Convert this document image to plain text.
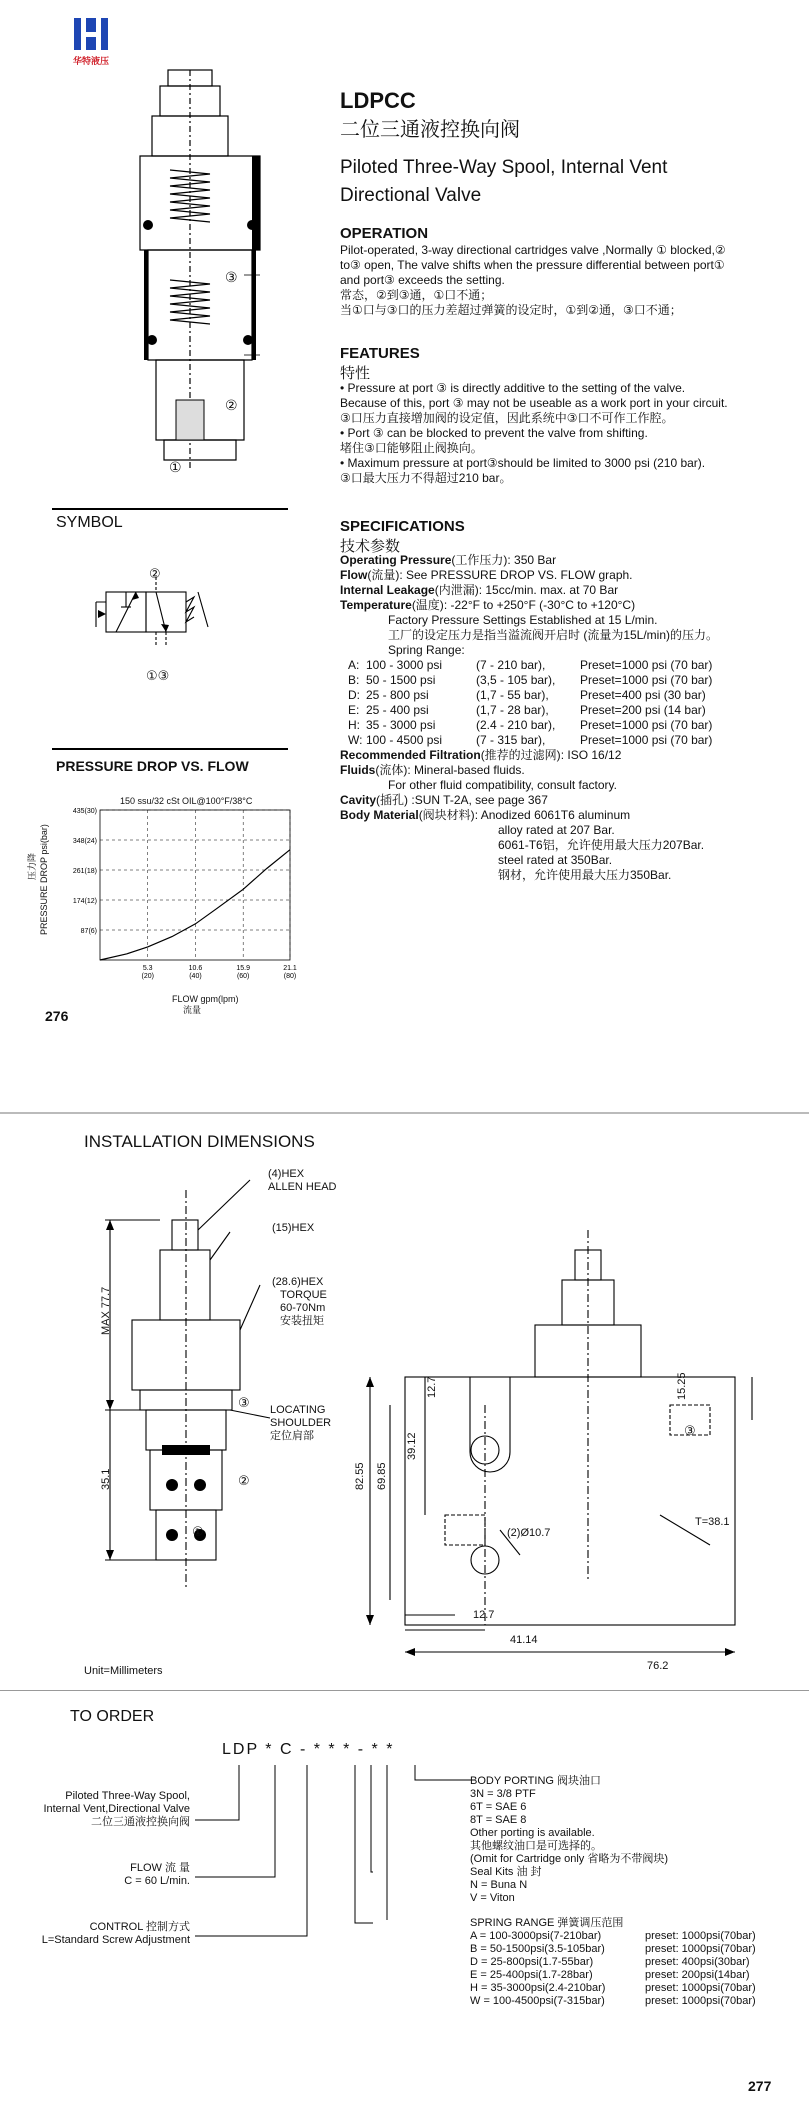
华特液压
③
②
①
LDPCC
二位三通液控换向阀
Piloted Three-Way Spool, Internal Vent
Directional Valve
OPERATION
Pilot-operated, 3-way directional cartridges valve ,Normally ① blocked,②
to③ open, The valve shifts when the pressure differential between port①
and port③ exceeds the setting.
常态，②到③通，①口不通；
当①口与③口的压力差超过弹簧的设定时，①到②通，③口不通；
FEATURES
特性
• Pressure at port ③ is directly additive to the setting of the valve.
Because of this, port ③ may not be useable as a work port in your circuit.
③口压力直接增加阀的设定值，因此系统中③口不可作工作腔。
• Port ③ can be blocked to prevent the valve from shifting.
堵住③口能够阻止阀换向。
• Maximum pressure at port③should be limited to 3000 psi (210 bar).
③口最大压力不得超过210 bar。
SYMBOL
②
①③
PRESSURE DROP VS. FLOW
150 ssu/32 cSt OIL@100°F/38°C
87(6)
174(12)
261(18)
348(24)
435(30)
5.3
(20)
10.6
(40)
15.9
(60)
21.1
(80)
压力降 PRESSURE DROP psi(bar)
FLOW gpm(lpm)
流量
276
SPECIFICATIONS
技术参数
Operating Pressure(工作压力): 350 Bar
Flow(流量): See PRESSURE DROP VS. FLOW graph.
Internal Leakage(内泄漏): 15cc/min. max. at 70 Bar
Temperature(温度): -22°F to +250°F (-30°C to +120°C)
Factory Pressure Settings Established at 15 L/min.
工厂的设定压力是指当溢流阀开启时 (流量为15L/min)的压力。
Spring Range:
A: 100 - 3000 psi	(7 - 210 bar),	Preset=1000 psi (70 bar)
B: 50 - 1500 psi	(3,5 - 105 bar), Preset=1000 psi (70 bar)
D: 25 - 800 psi	(1,7 - 55 bar),	Preset=400 psi (30 bar)
E: 25 - 400 psi	(1,7 - 28 bar),	Preset=200 psi (14 bar)
H: 35 - 3000 psi	(2.4 - 210 bar), Preset=1000 psi (70 bar)
W: 100 - 4500 psi	(7 - 315 bar),	Preset=1000 psi (70 bar)
Recommended Filtration(推荐的过滤网): ISO 16/12
Fluids(流体): Mineral-based fluids.
For other fluid compatibility, consult factory.
Cavity(插孔) :SUN T-2A, see page 367
Body Material(阀块材料): Anodized 6061T6 aluminum
alloy rated at 207 Bar.
6061-T6铝，允许使用最大压力207Bar.
steel rated at 350Bar.
钢材，允许使用最大压力350Bar.
INSTALLATION DIMENSIONS
(4)HEX
ALLEN HEAD
(15)HEX
(28.6)HEX
TORQUE
60-70Nm
安装扭矩
LOCATING
SHOULDER
定位肩部
MAX 77.7
35.1
③
②
①
12.7
39.12
82.55 69.85
15.25
③
(2)Ø10.7
T=38.1
12.7
41.14
76.2
Unit=Millimeters
TO ORDER
LDP * C - * * * - * *
Piloted Three-Way Spool,
Internal Vent,Directional Valve
二位三通液控换向阀
FLOW 流 量
C = 60 L/min.
CONTROL 控制方式
L=Standard Screw Adjustment
BODY PORTING 阀块油口
3N = 3/8 PTF
6T = SAE 6
8T = SAE 8
Other porting is available.
其他螺纹油口是可选择的。
(Omit for Cartridge only 省略为不带阀块)
Seal Kits 油 封
N = Buna N
V = Viton
SPRING RANGE 弹簧调压范围
A = 100-3000psi(7-210bar)	preset: 1000psi(70bar)
B = 50-1500psi(3.5-105bar)	preset: 1000psi(70bar)
D = 25-800psi(1.7-55bar)	preset: 400psi(30bar)
E = 25-400psi(1.7-28bar)	preset: 200psi(14bar)
H = 35-3000psi(2.4-210bar)	preset: 1000psi(70bar)
W = 100-4500psi(7-315bar)	preset: 1000psi(70bar)
277
